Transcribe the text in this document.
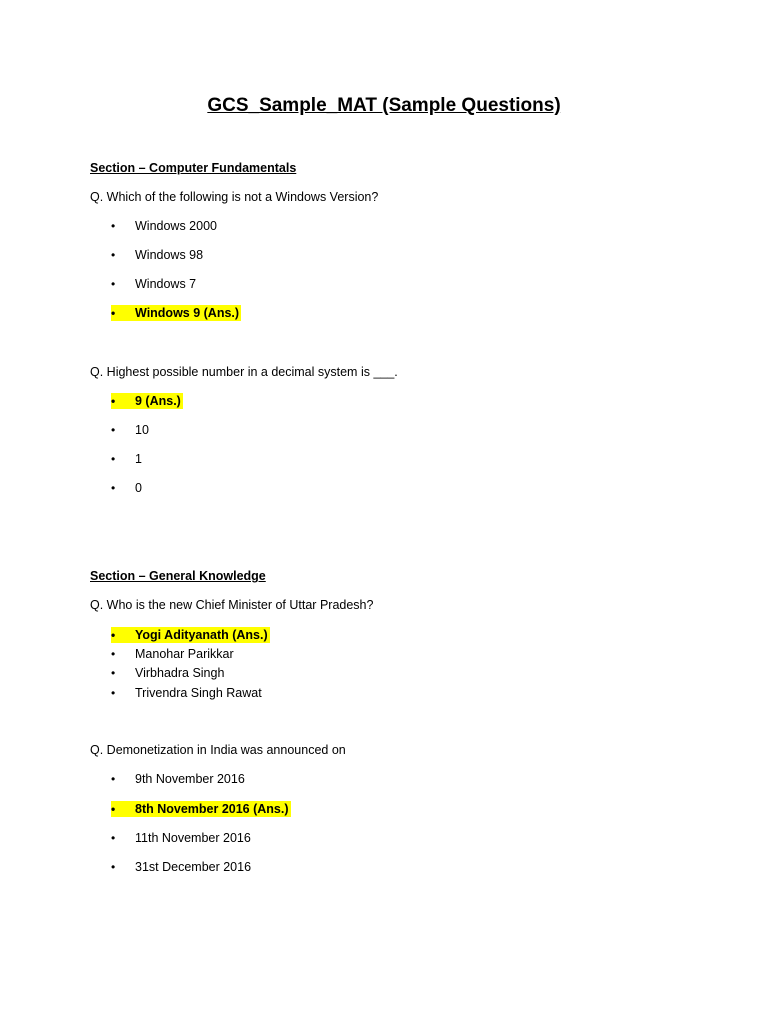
GCS_Sample_MAT (Sample Questions)
Section – Computer Fundamentals
Q. Which of the following is not a Windows Version?
• Windows 2000
• Windows 98
• Windows 7
• Windows 9 (Ans.)
Q. Highest possible number in a decimal system is ___.
• 9 (Ans.)
• 10
• 1
• 0
Section – General Knowledge
Q. Who is the new Chief Minister of Uttar Pradesh?
• Yogi Adityanath (Ans.)
• Manohar Parikkar
• Virbhadra Singh
• Trivendra Singh Rawat
Q. Demonetization in India was announced on
• 9th November 2016
• 8th November 2016 (Ans.)
• 11th November 2016
• 31st December 2016
